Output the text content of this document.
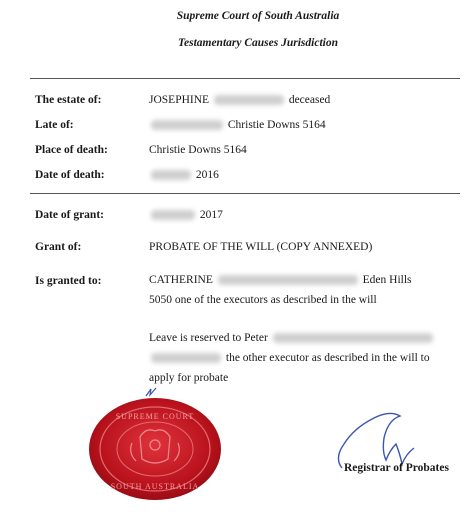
Supreme Court of South Australia
Testamentary Causes Jurisdiction
The estate of:	JOSEPHINE	deceased
Late of:	Christie Downs 5164
Place of death:	Christie Downs 5164
Date of death:	2016
Date of grant:	2017
Grant of:	PROBATE OF THE WILL (COPY ANNEXED)
Is granted to:	CATHERINE	Eden Hills
5050 one of the executors as described in the will
Leave is reserved to Peter
the other executor as described in the will to
apply for probate
SUPREME COURT
SOUTH AUSTRALIA
Registrar of Probates
